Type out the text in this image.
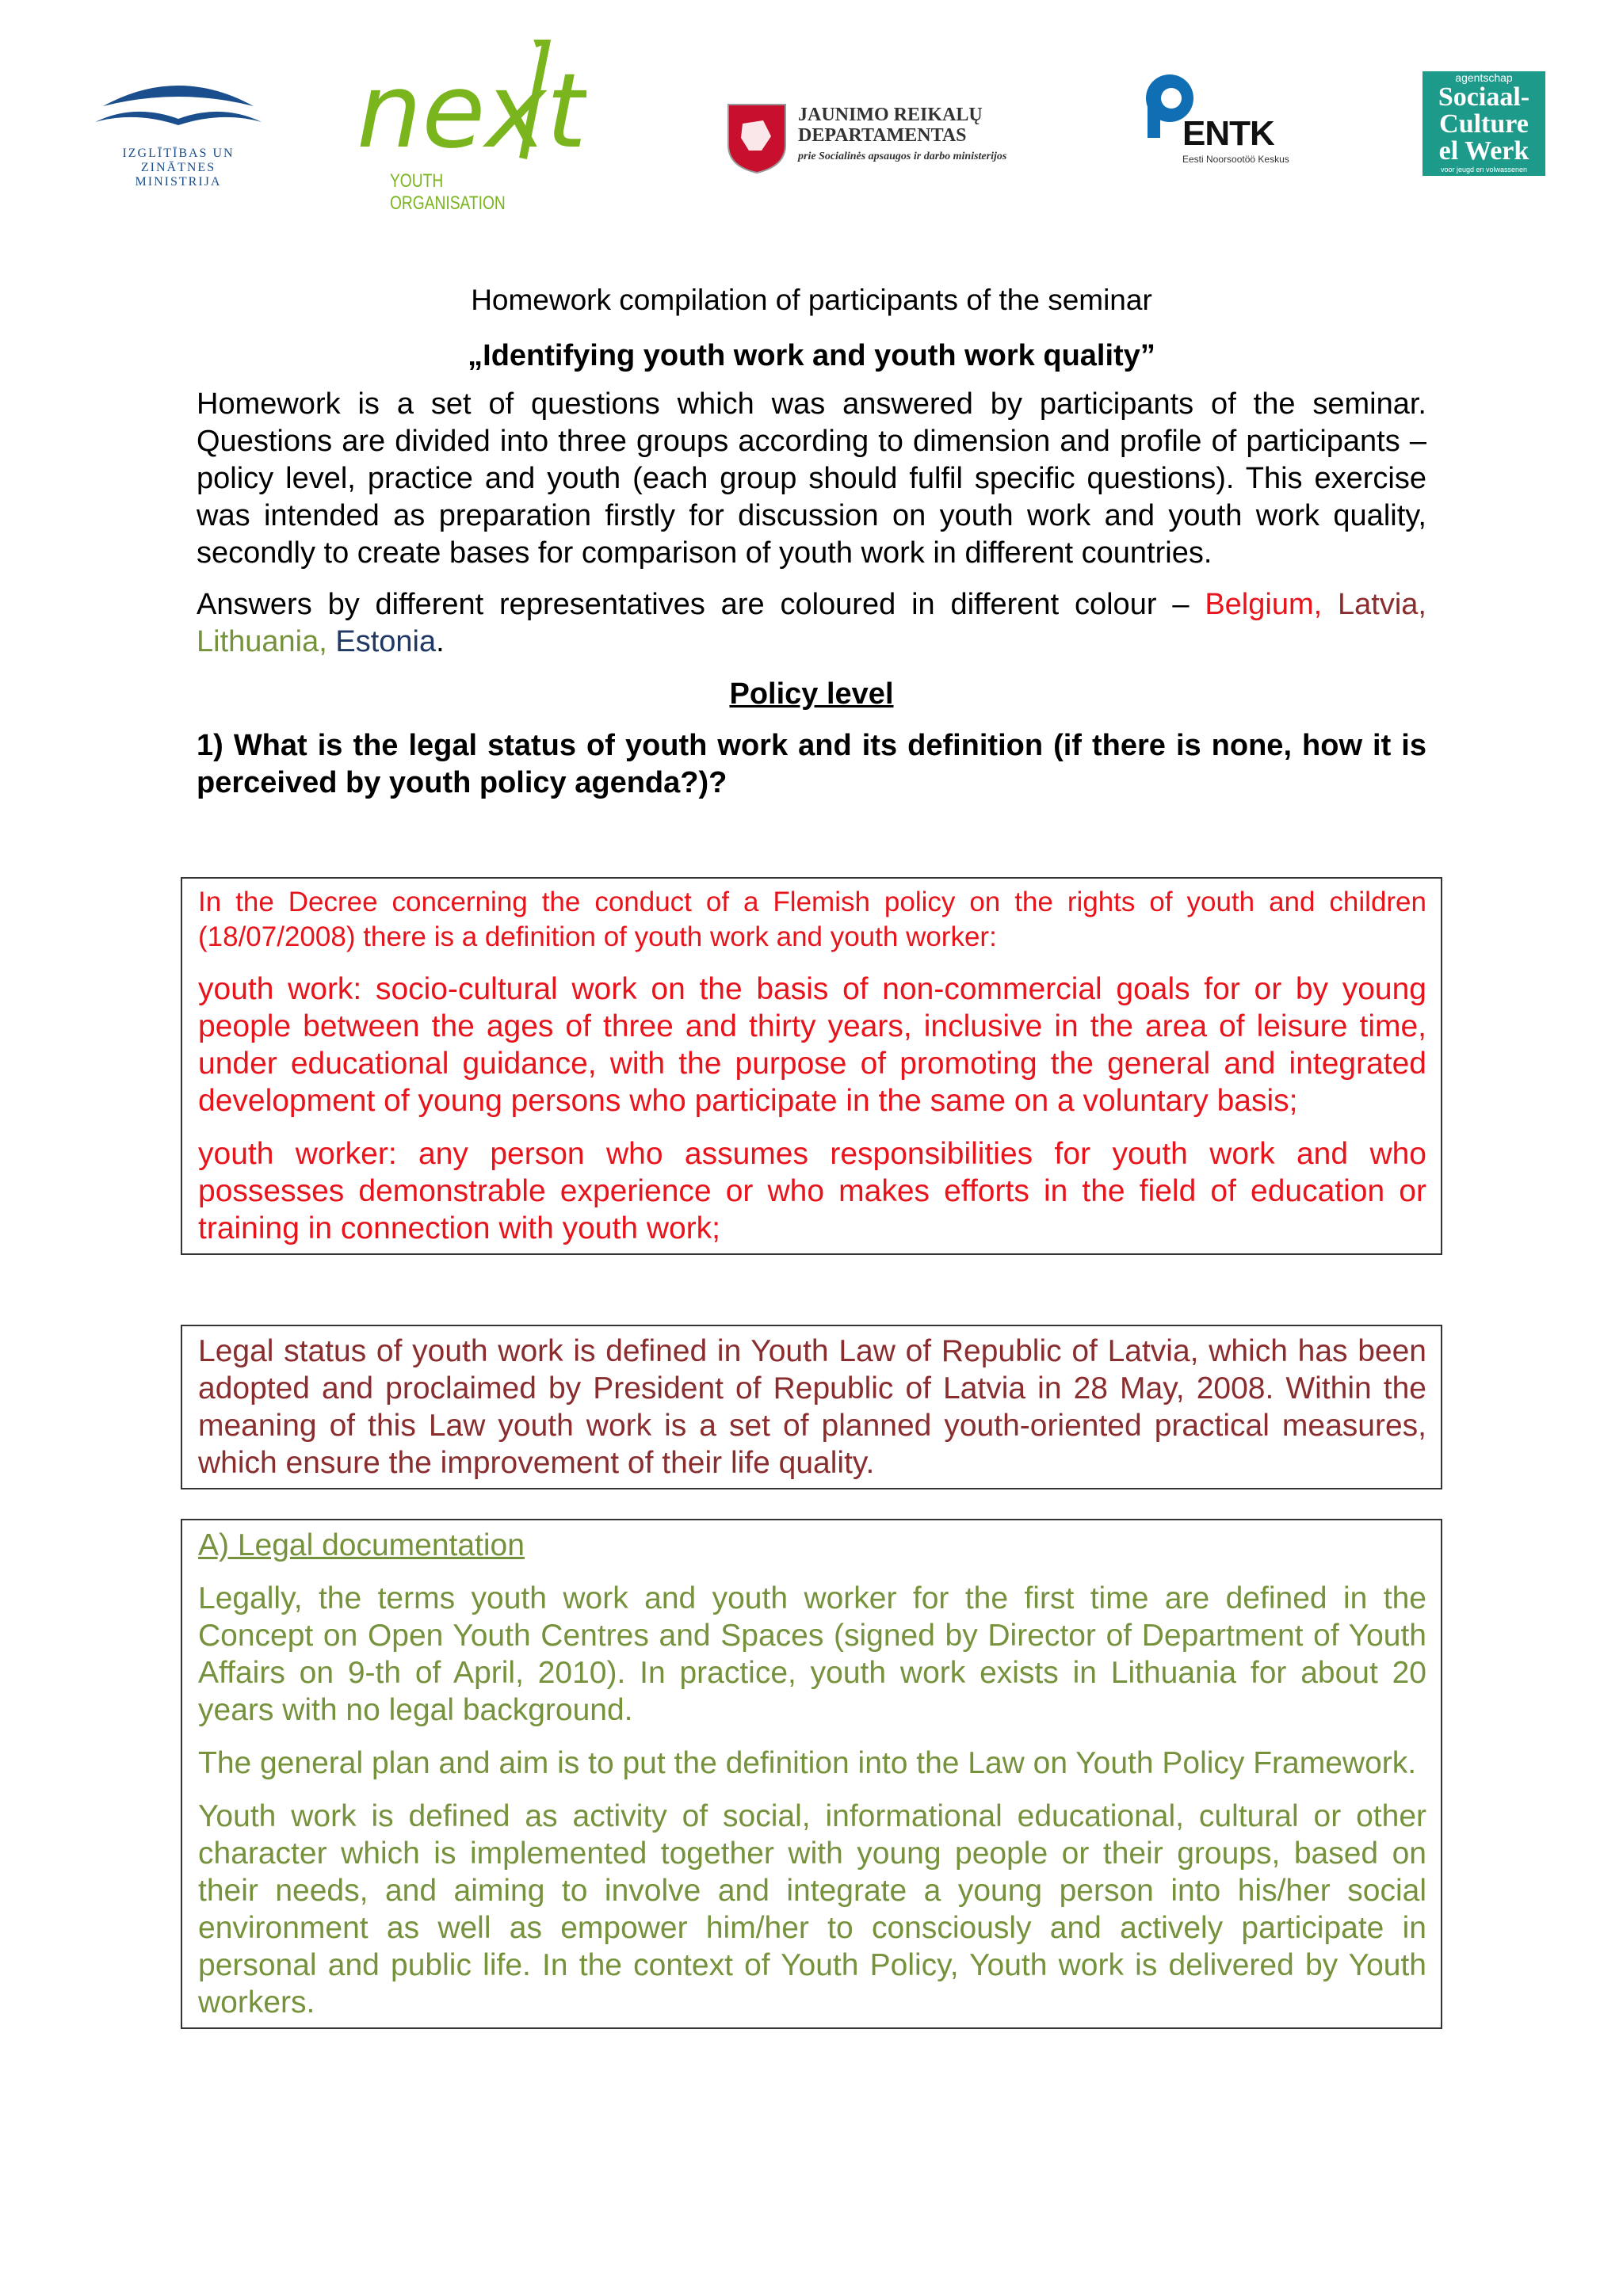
IZGLĪTĪBAS UN ZINĀTNES
MINISTRIJA
next
YOUTH ORGANISATION
JAUNIMO REIKALŲ
DEPARTAMENTAS
prie Socialinės apsaugos ir darbo ministerijos
ENTK
Eesti Noorsootöö Keskus
agentschap
Sociaal-
Culture
el Werk
voor jeugd en volwassenen
Homework compilation of participants of the seminar
„Identifying youth work and youth work quality”

Homework is a set of questions which was answered by participants of the seminar. Questions are divided into three groups according to dimension and profile of participants – policy level, practice and youth (each group should fulfil specific questions). This exercise was intended as preparation firstly for discussion on youth work and youth work quality, secondly to create bases for comparison of youth work in different countries.

Answers by different representatives are coloured in different colour – Belgium, Latvia, Lithuania, Estonia.

Policy level
1) What is the legal status of youth work and its definition (if there is none, how it is perceived by youth policy agenda?)?

In the Decree concerning the conduct of a Flemish policy on the rights of youth and children (18/07/2008) there is a definition of youth work and youth worker:

youth work: socio-cultural work on the basis of non-commercial goals for or by young people between the ages of three and thirty years, inclusive in the area of leisure time, under educational guidance, with the purpose of promoting the general and integrated development of young persons who participate in the same on a voluntary basis;

youth worker: any person who assumes responsibilities for youth work and who possesses demonstrable experience or who makes efforts in the field of education or training in connection with youth work;

Legal status of youth work is defined in Youth Law of Republic of Latvia, which has been adopted and proclaimed by President of Republic of Latvia in 28 May, 2008. Within the meaning of this Law youth work is a set of planned youth-oriented practical measures, which ensure the improvement of their life quality.

A) Legal documentation

Legally, the terms youth work and youth worker for the first time are defined in the Concept on Open Youth Centres and Spaces (signed by Director of Department of Youth Affairs on 9-th of April, 2010). In practice, youth work exists in Lithuania for about 20 years with no legal background.

The general plan and aim is to put the definition into the Law on Youth Policy Framework.

Youth work is defined as activity of social, informational educational, cultural or other character which is implemented together with young people or their groups, based on their needs, and aiming to involve and integrate a young person into his/her social environment as well as empower him/her to consciously and actively participate in personal and public life. In the context of Youth Policy, Youth work is delivered by Youth workers.
